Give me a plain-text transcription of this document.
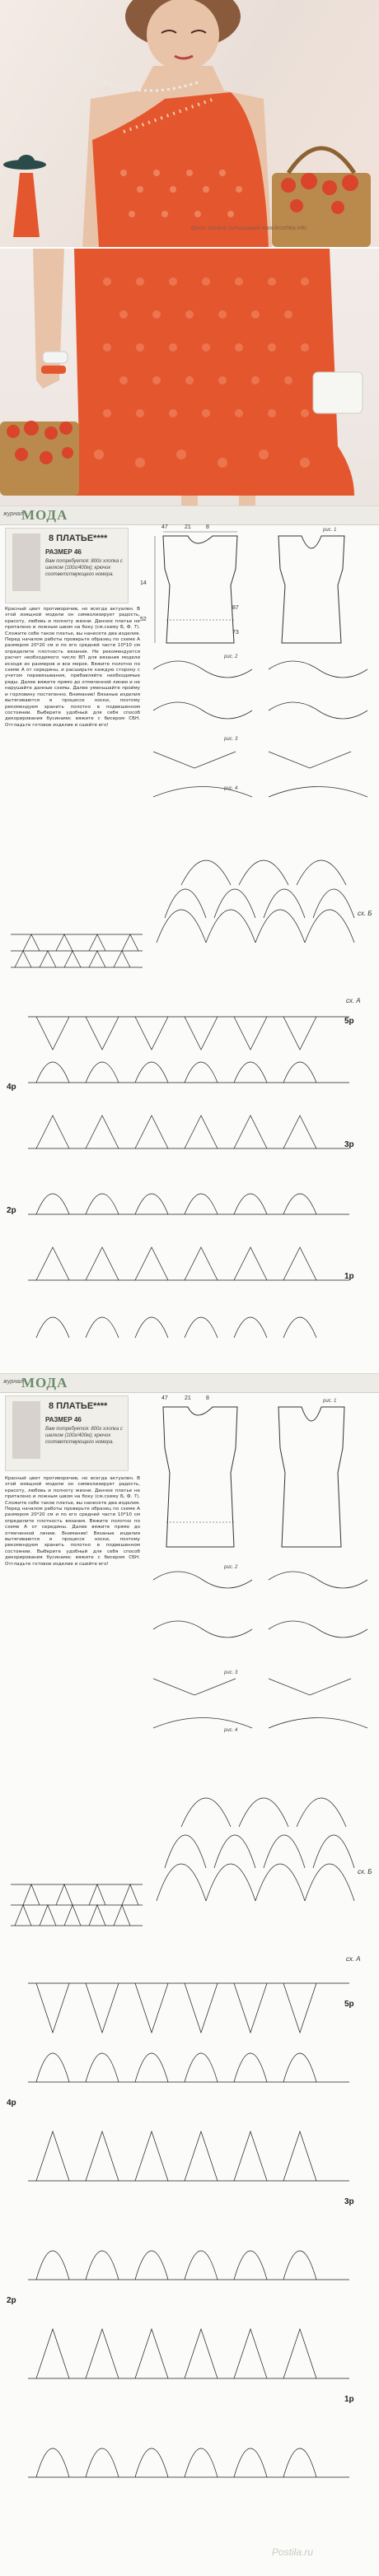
фото: оксана сульшацкий www.kroshka.info
журнал
МОДА
8 ПЛАТЬЕ****
РАЗМЕР 46
Вам потребуется: 800г хлопка с шелком (100г/400м); крючок соответствующего номера.
Красный цвет противоречив, но всегда актуален. В этой изящной модели он символизирует радость, красоту, любовь и полноту жизни. Данное платье не приталено и ложным швом на боку (см.схему Б, Ф. 7). Сложите себе такое платье, вы нанесете два изделия. Перед началом работы проверьте образец по схеме А размером 20*20 см и по его средней части 10*10 см определите плотность вязания. Не рекомендуется расчет необходимого число ВП для вязания модели исходя из размеров и все мерок. Вяжите полотно по схеме А от середины, и расширьте каждую сторону с учетом перевязывания, прибавляйте необходимые ряды. Далее вяжите прямо до отмеченной линии и не нарушайте данные схемы. Далее уменьшайте пройму и горловину постепенно. Внимание! Вязаные изделия вытягиваются в процессе носки, поэтому рекомендуем хранить полотно в подвешенном состоянии. Выберите удобный для себя способ декорирования бусинами; вяжите с бисером СБН. Отгладьте готовое изделие и сшейте его!
47	21	8
14
52
87
73
рис. 1
рис. 2
рис. 3
рис. 4
сх. Б
сх. А
5р
4р
3р
2р
1р
журнал
МОДА
8 ПЛАТЬЕ****
РАЗМЕР 46
Вам потребуется: 800г хлопка с шелком (100г/400м); крючок соответствующего номера.
Красный цвет противоречив, но всегда актуален. В этой изящной модели он символизирует радость, красоту, любовь и полноту жизни. Данное платье не приталено и ложным швом на боку (см.схему Б, Ф. 7). Сложите себе такое платье, вы нанесете два изделия. Перед началом работы проверьте образец по схеме А размером 20*20 см и по его средней части 10*10 см определите плотность вязания. Вяжите полотно по схеме А от середины. Далее вяжите прямо до отмеченной линии. Внимание! Вязаные изделия вытягиваются в процессе носки, поэтому рекомендуем хранить полотно в подвешенном состоянии. Выберите удобный для себя способ декорирования бусинами; вяжите с бисером СБН. Отгладьте готовое изделие и сшейте его!
47	21	8	рис. 1
рис. 2
рис. 3
рис. 4
сх. Б
сх. А
5р
4р
3р
2р
1р
Postila.ru
